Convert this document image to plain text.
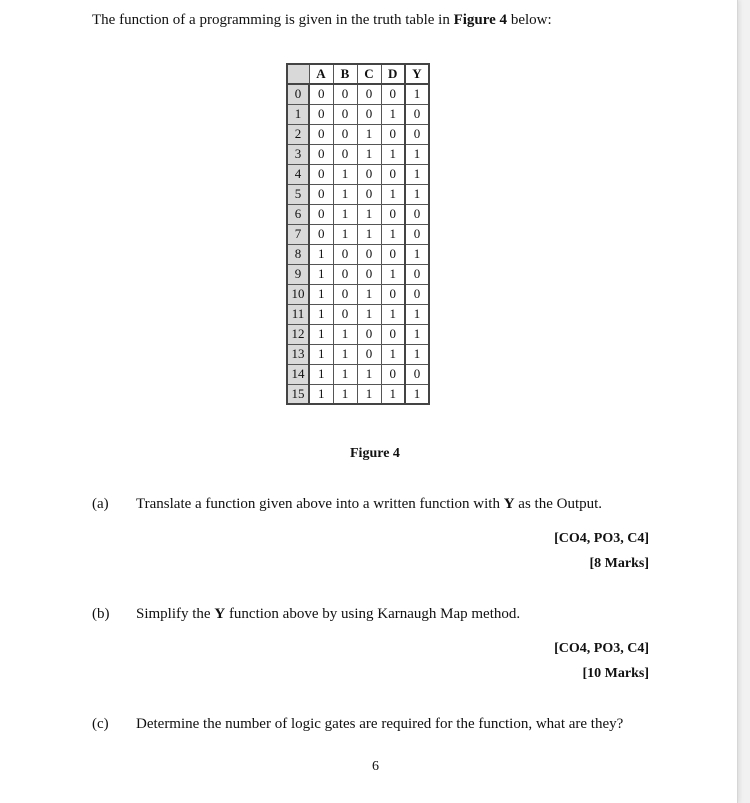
The function of a programming is given in the truth table in Figure 4 below:
	A	B	C	D	Y
0	0	0	0	0	1
1	0	0	0	1	0
2	0	0	1	0	0
3	0	0	1	1	1
4	0	1	0	0	1
5	0	1	0	1	1
6	0	1	1	0	0
7	0	1	1	1	0
8	1	0	0	0	1
9	1	0	0	1	0
10	1	0	1	0	0
11	1	0	1	1	1
12	1	1	0	0	1
13	1	1	0	1	1
14	1	1	1	0	0
15	1	1	1	1	1
Figure 4
(a) Translate a function given above into a written function with Y as the Output.
[CO4, PO3, C4]
[8 Marks]
(b) Simplify the Y function above by using Karnaugh Map method.
[CO4, PO3, C4]
[10 Marks]
(c) Determine the number of logic gates are required for the function, what are they?
6
